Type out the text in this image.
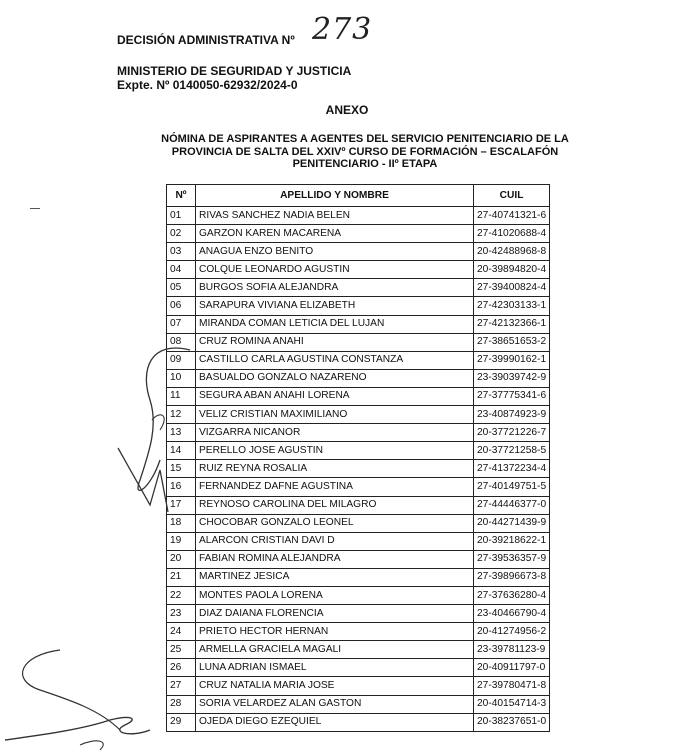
DECISIÓN ADMINISTRATIVA Nº 273
MINISTERIO DE SEGURIDAD Y JUSTICIA
Expte. Nº 0140050-62932/2024-0
ANEXO
NÓMINA DE ASPIRANTES A AGENTES DEL SERVICIO PENITENCIARIO DE LA
PROVINCIA DE SALTA DEL XXIVº CURSO DE FORMACIÓN – ESCALAFÓN
PENITENCIARIO - IIº ETAPA
Nº	APELLIDO Y NOMBRE	CUIL
01	RIVAS SANCHEZ NADIA BELEN	27-40741321-6
02	GARZON KAREN MACARENA	27-41020688-4
03	ANAGUA ENZO BENITO	20-42488968-8
04	COLQUE LEONARDO AGUSTIN	20-39894820-4
05	BURGOS SOFIA ALEJANDRA	27-39400824-4
06	SARAPURA VIVIANA ELIZABETH	27-42303133-1
07	MIRANDA COMAN LETICIA DEL LUJAN	27-42132366-1
08	CRUZ ROMINA ANAHI	27-38651653-2
09	CASTILLO CARLA AGUSTINA CONSTANZA	27-39990162-1
10	BASUALDO GONZALO NAZARENO	23-39039742-9
11	SEGURA ABAN ANAHI LORENA	27-37775341-6
12	VELIZ CRISTIAN MAXIMILIANO	23-40874923-9
13	VIZGARRA NICANOR	20-37721226-7
14	PERELLO JOSE AGUSTIN	20-37721258-5
15	RUIZ REYNA ROSALIA	27-41372234-4
16	FERNANDEZ DAFNE AGUSTINA	27-40149751-5
17	REYNOSO CAROLINA DEL MILAGRO	27-44446377-0
18	CHOCOBAR GONZALO LEONEL	20-44271439-9
19	ALARCON CRISTIAN DAVI D	20-39218622-1
20	FABIAN ROMINA ALEJANDRA	27-39536357-9
21	MARTINEZ JESICA	27-39896673-8
22	MONTES PAOLA LORENA	27-37636280-4
23	DIAZ DAIANA FLORENCIA	23-40466790-4
24	PRIETO HECTOR HERNAN	20-41274956-2
25	ARMELLA GRACIELA MAGALI	23-39781123-9
26	LUNA ADRIAN ISMAEL	20-40911797-0
27	CRUZ NATALIA MARIA JOSE	27-39780471-8
28	SORIA VELARDEZ ALAN GASTON	20-40154714-3
29	OJEDA DIEGO EZEQUIEL	20-38237651-0
